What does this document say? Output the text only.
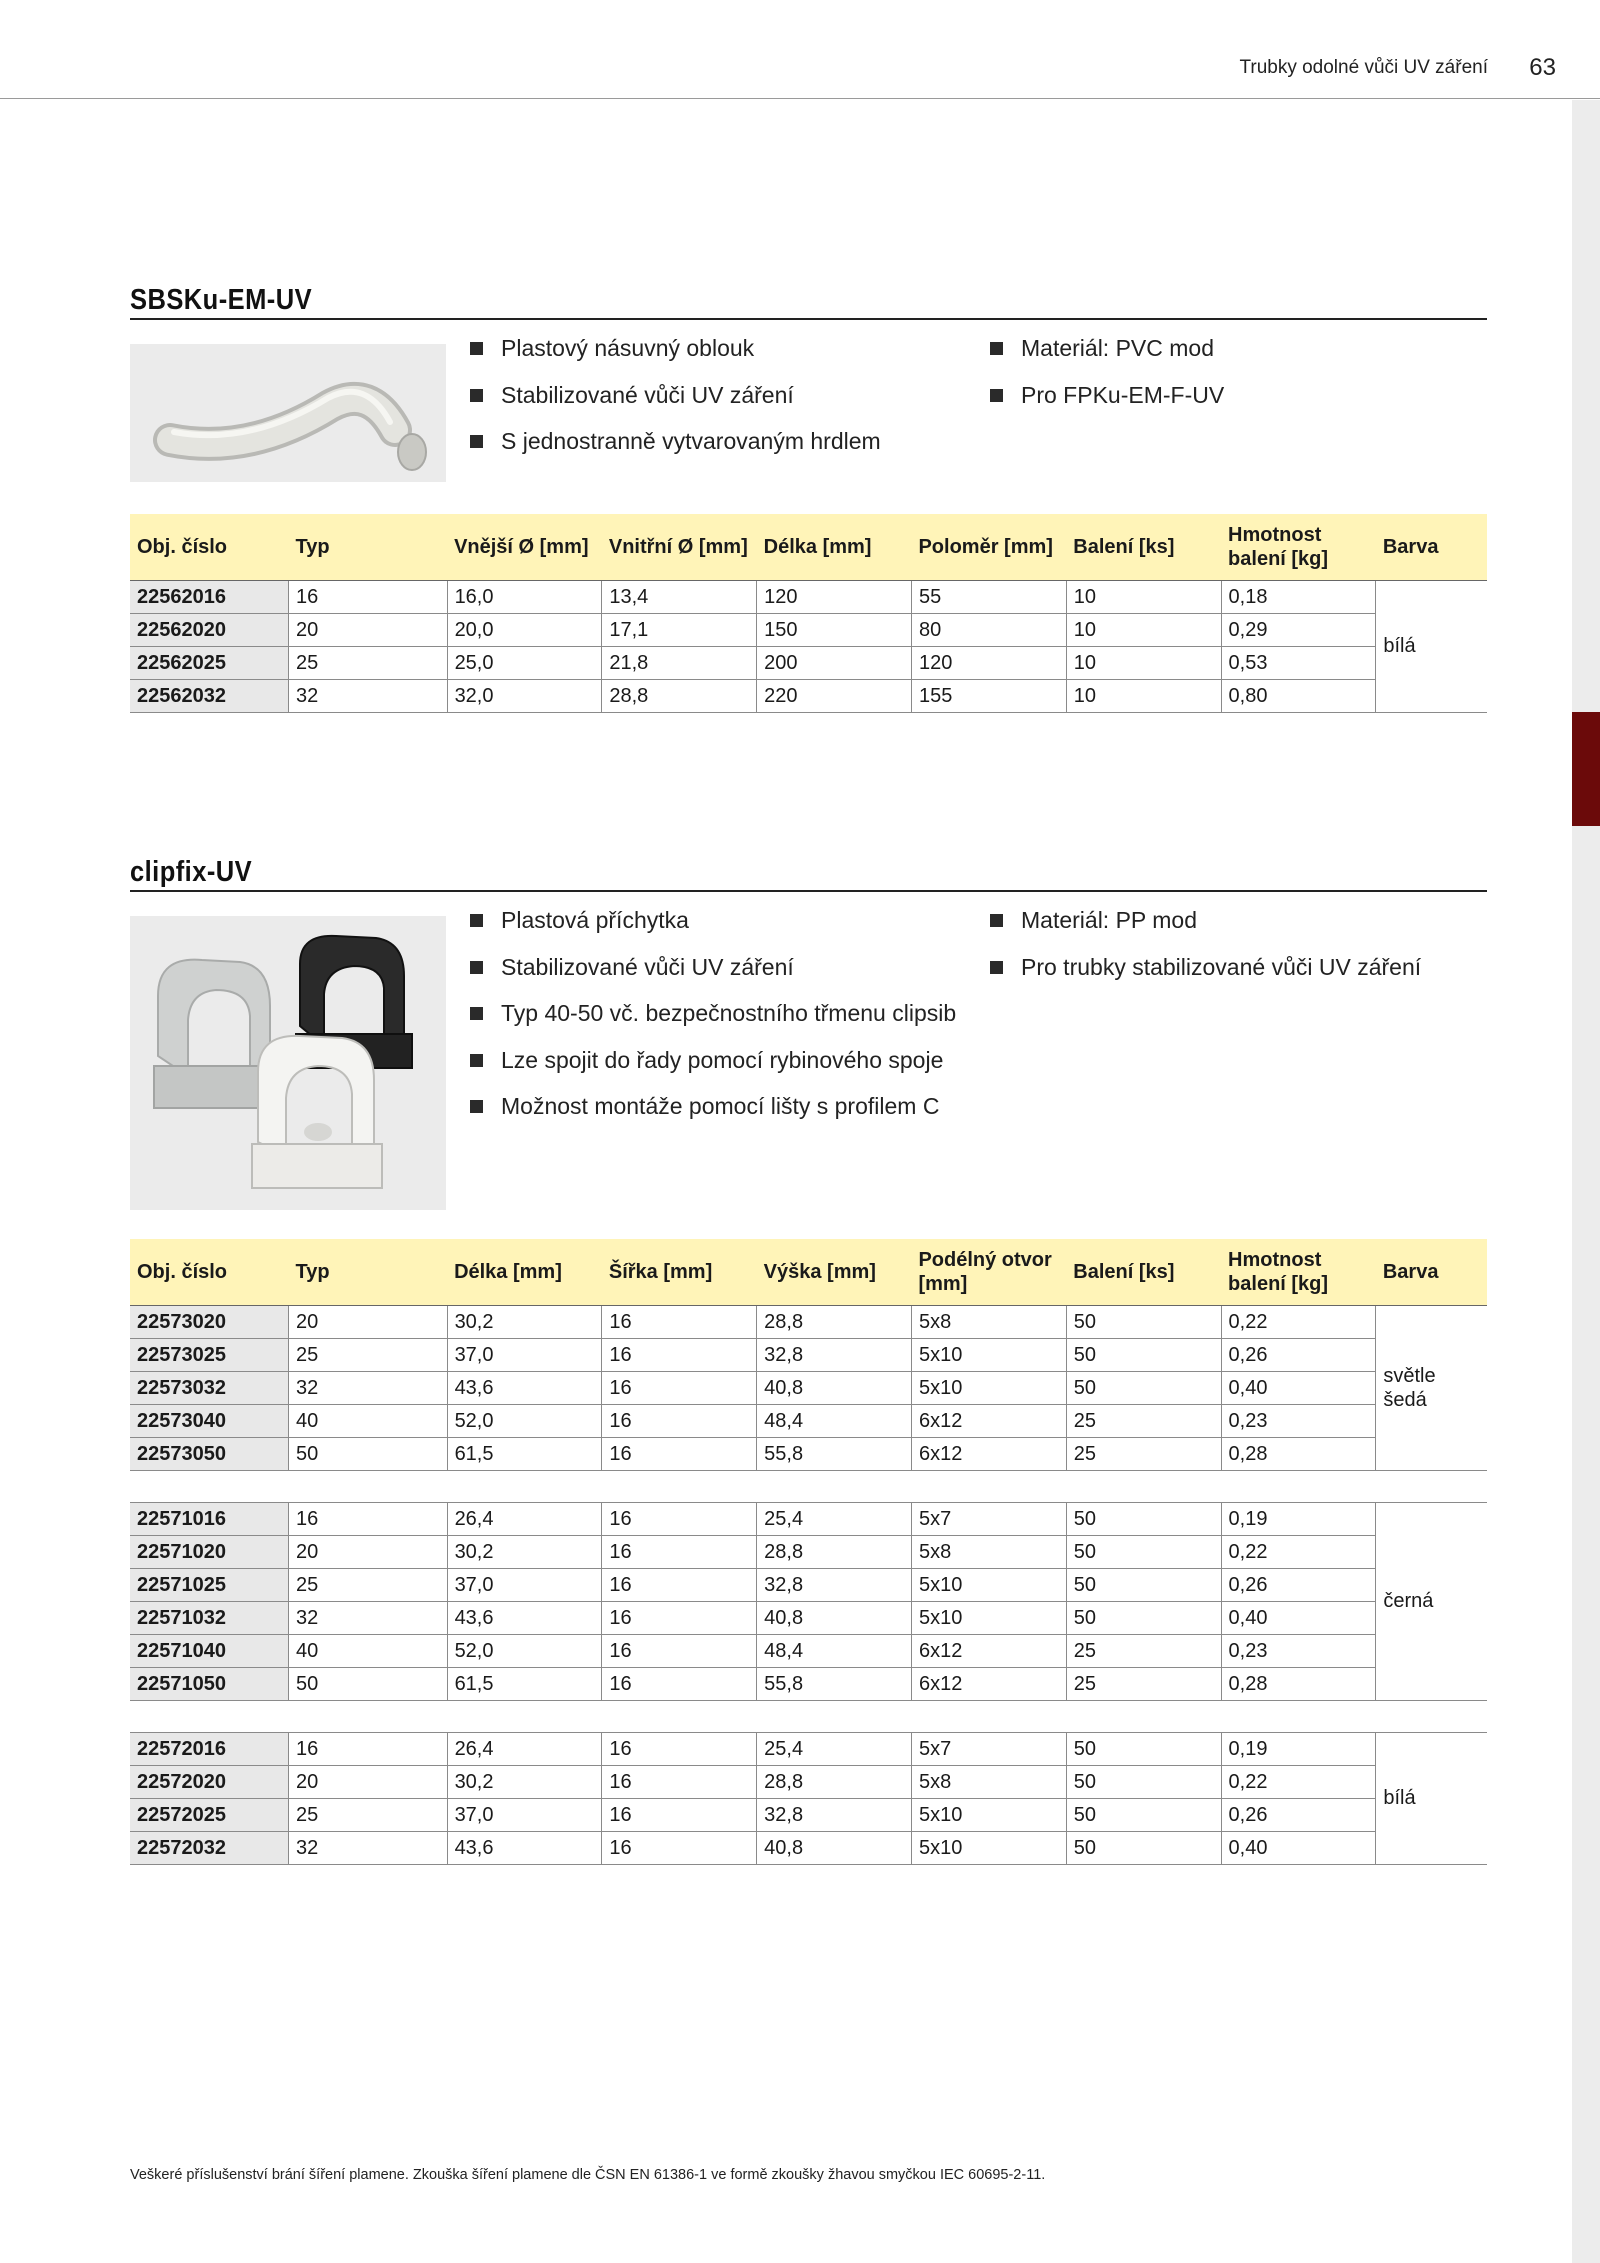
Trubky odolné vůči UV záření 63
SBSKu-EM-UV
Plastový násuvný oblouk
Stabilizované vůči UV záření
S jednostranně vytvarovaným hrdlem
Materiál: PVC mod
Pro FPKu-EM-F-UV
Obj. číslo	Typ	Vnější Ø [mm]	Vnitřní Ø [mm]	Délka [mm]	Poloměr [mm]	Balení [ks]	Hmotnost balení [kg]	Barva
22562016	16	16,0	13,4	120	55	10	0,18	bílá
22562020	20	20,0	17,1	150	80	10	0,29	
22562025	25	25,0	21,8	200	120	10	0,53	
22562032	32	32,0	28,8	220	155	10	0,80	
clipfix-UV
Plastová příchytka
Stabilizované vůči UV záření
Typ 40-50 vč. bezpečnostního třmenu clipsib
Lze spojit do řady pomocí rybinového spoje
Možnost montáže pomocí lišty s profilem C
Materiál: PP mod
Pro trubky stabilizované vůči UV záření
Obj. číslo	Typ	Délka [mm]	Šířka [mm]	Výška [mm]	Podélný otvor [mm]	Balení [ks]	Hmotnost balení [kg]	Barva
22573020	20	30,2	16	28,8	5x8	50	0,22	světle šedá
22573025	25	37,0	16	32,8	5x10	50	0,26	
22573032	32	43,6	16	40,8	5x10	50	0,40	
22573040	40	52,0	16	48,4	6x12	25	0,23	
22573050	50	61,5	16	55,8	6x12	25	0,28	

22571016	16	26,4	16	25,4	5x7	50	0,19	černá
22571020	20	30,2	16	28,8	5x8	50	0,22	
22571025	25	37,0	16	32,8	5x10	50	0,26	
22571032	32	43,6	16	40,8	5x10	50	0,40	
22571040	40	52,0	16	48,4	6x12	25	0,23	
22571050	50	61,5	16	55,8	6x12	25	0,28	

22572016	16	26,4	16	25,4	5x7	50	0,19	bílá
22572020	20	30,2	16	28,8	5x8	50	0,22	
22572025	25	37,0	16	32,8	5x10	50	0,26	
22572032	32	43,6	16	40,8	5x10	50	0,40	
Veškeré příslušenství brání šíření plamene. Zkouška šíření plamene dle ČSN EN 61386-1 ve formě zkoušky žhavou smyčkou IEC 60695-2-11.
